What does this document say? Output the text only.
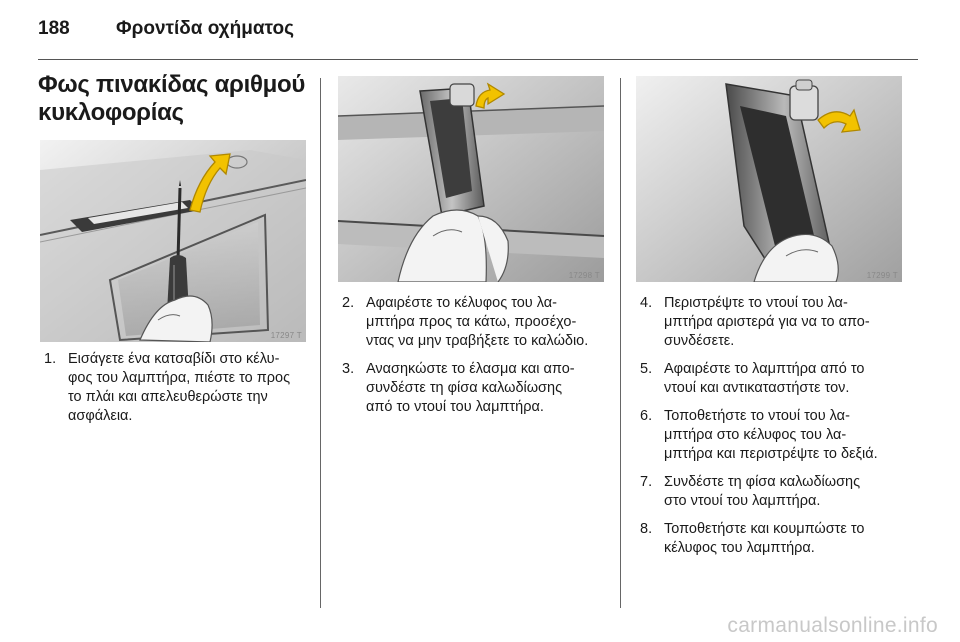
188 Φροντίδα οχήματος
Φως πινακίδας αριθμού κυκλοφορίας
17297 T
17298 T	17299 T
1. Εισάγετε ένα κατσαβίδι στο κέλυ-
φος του λαμπτήρα, πιέστε το προς
το πλάι και απελευθερώστε την
ασφάλεια.
2. Αφαιρέστε το κέλυφος του λα-
μπτήρα προς τα κάτω, προσέχο-
ντας να μην τραβήξετε το καλώδιο.
3. Ανασηκώστε το έλασμα και απο-
συνδέστε τη φίσα καλωδίωσης
από το ντουί του λαμπτήρα.
4. Περιστρέψτε το ντουί του λα-
μπτήρα αριστερά για να το απο-
συνδέσετε.
5. Αφαιρέστε το λαμπτήρα από το
ντουί και αντικαταστήστε τον.
6. Τοποθετήστε το ντουί του λα-
μπτήρα στο κέλυφος του λα-
μπτήρα και περιστρέψτε το δεξιά.
7. Συνδέστε τη φίσα καλωδίωσης
στο ντουί του λαμπτήρα.
8. Τοποθετήστε και κουμπώστε το
κέλυφος του λαμπτήρα.
carmanualsonline.info
